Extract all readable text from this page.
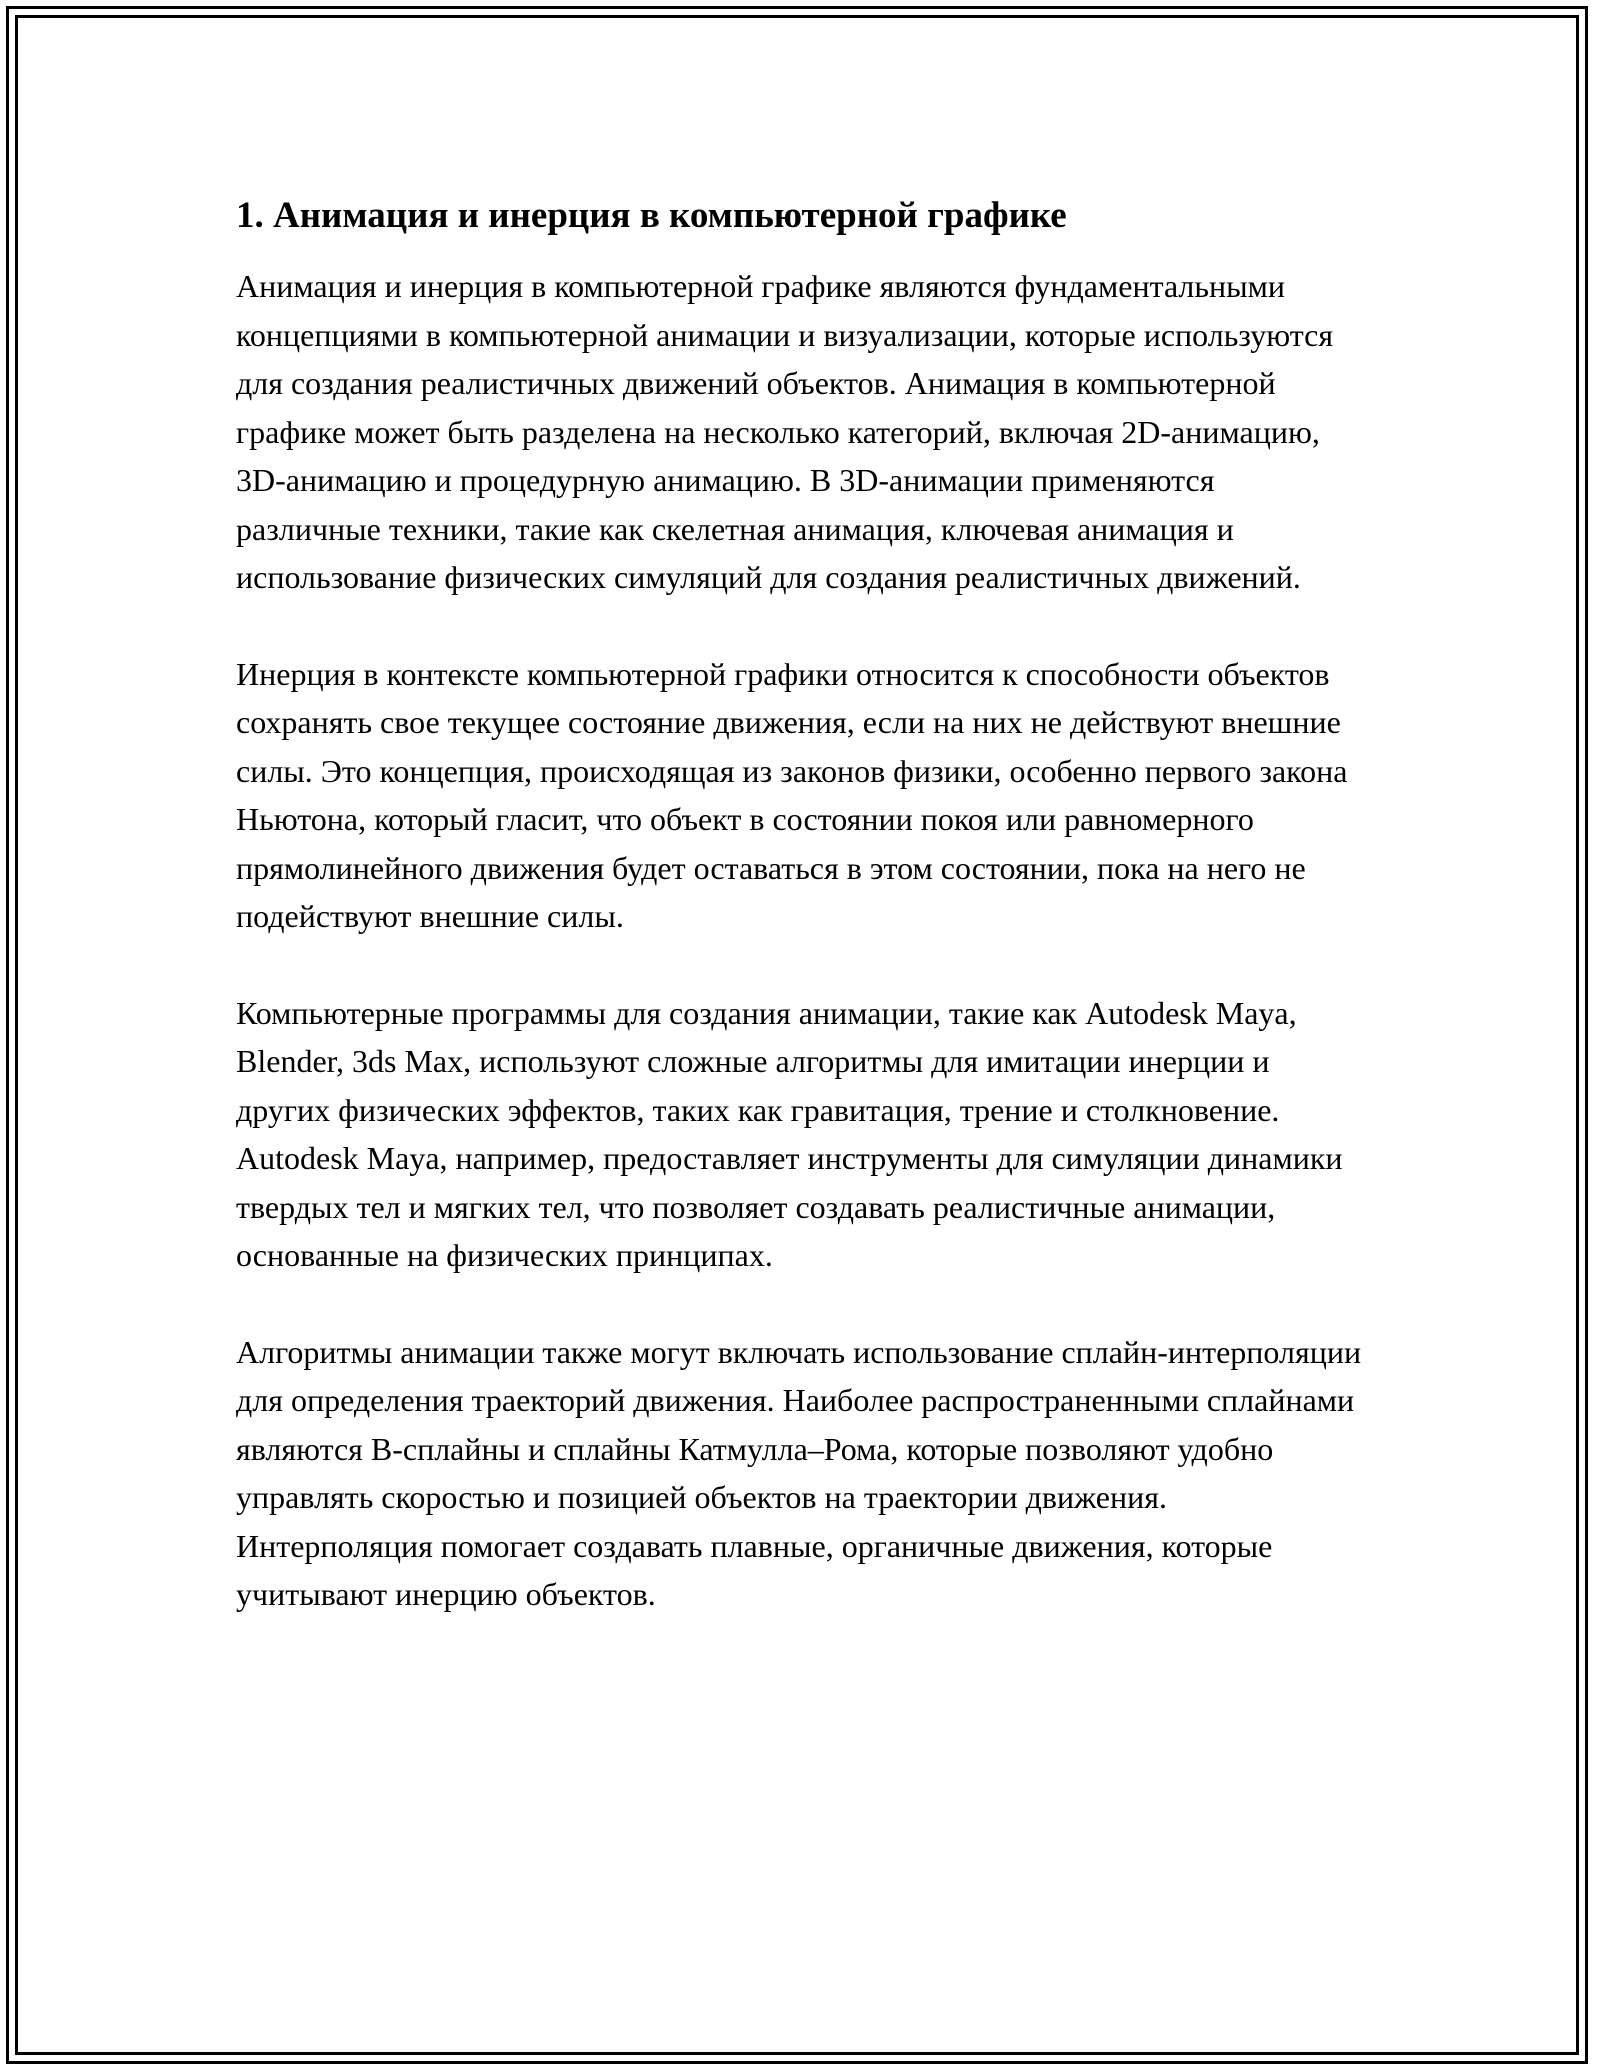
1. Анимация и инерция в компьютерной графике

Анимация и инерция в компьютерной графике являются фундаментальными концепциями в компьютерной анимации и визуализации, которые используются для создания реалистичных движений объектов. Анимация в компьютерной графике может быть разделена на несколько категорий, включая 2D-анимацию, 3D-анимацию и процедурную анимацию. В 3D-анимации применяются различные техники, такие как скелетная анимация, ключевая анимация и использование физических симуляций для создания реалистичных движений.

Инерция в контексте компьютерной графики относится к способности объектов сохранять свое текущее состояние движения, если на них не действуют внешние силы. Это концепция, происходящая из законов физики, особенно первого закона Ньютона, который гласит, что объект в состоянии покоя или равномерного прямолинейного движения будет оставаться в этом состоянии, пока на него не подействуют внешние силы.

Компьютерные программы для создания анимации, такие как Autodesk Maya, Blender, 3ds Max, используют сложные алгоритмы для имитации инерции и других физических эффектов, таких как гравитация, трение и столкновение. Autodesk Maya, например, предоставляет инструменты для симуляции динамики твердых тел и мягких тел, что позволяет создавать реалистичные анимации, основанные на физических принципах.

Алгоритмы анимации также могут включать использование сплайн-интерполяции для определения траекторий движения. Наиболее распространенными сплайнами являются B-сплайны и сплайны Катмулла–Рома, которые позволяют удобно управлять скоростью и позицией объектов на траектории движения. Интерполяция помогает создавать плавные, органичные движения, которые учитывают инерцию объектов.
